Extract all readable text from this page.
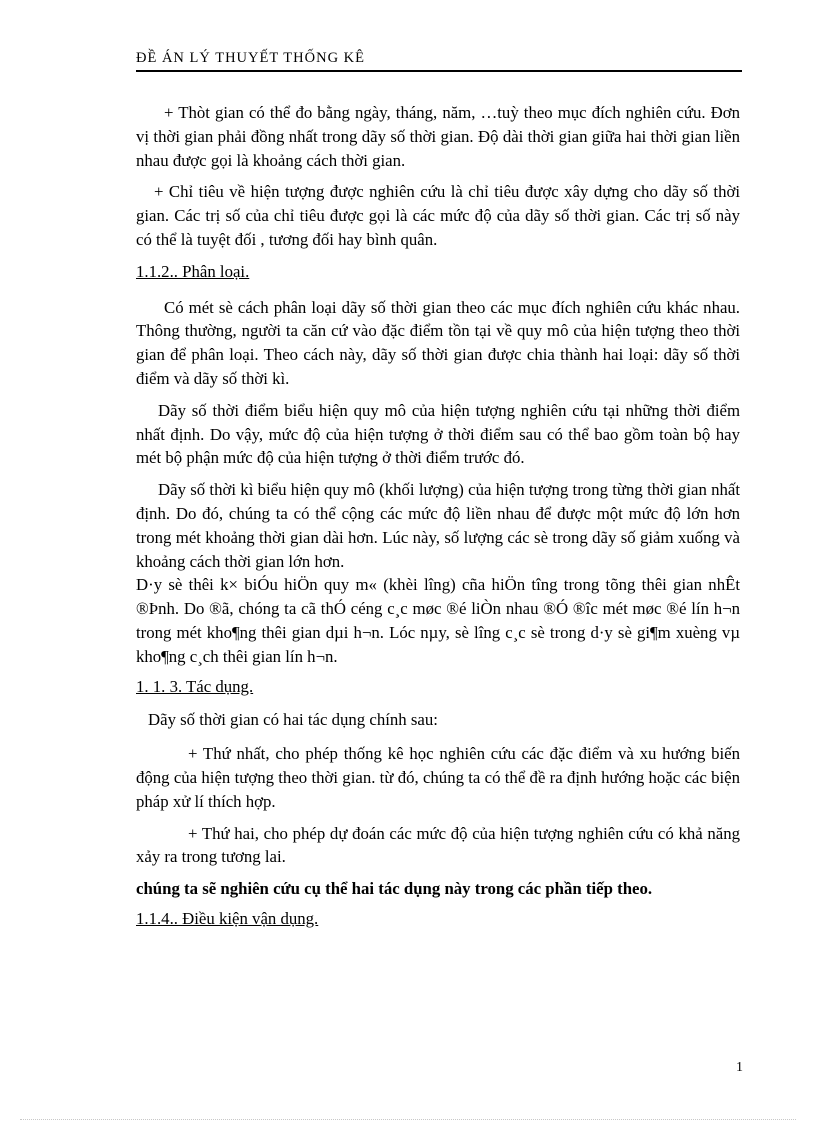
ĐỀ ÁN LÝ THUYẾT THỐNG KÊ

+ Thòt gian có thể đo bằng ngày, tháng, năm, …tuỳ theo mục đích nghiên cứu. Đơn vị thời gian phải đồng nhất trong dãy số thời gian. Độ dài thời gian giữa hai thời gian liền nhau được gọi là khoảng cách thời gian.

+ Chỉ tiêu về hiện tượng được nghiên cứu là chỉ tiêu được xây dựng cho dãy số thời gian. Các trị số của chỉ tiêu được gọi là các mức độ của dãy số thời gian. Các trị số này có thể là tuyệt đối , tương đối hay bình quân.

1.1.2.. Phân loại.

Có mét sè cách phân loại dãy số thời gian theo các mục đích nghiên cứu khác nhau. Thông thường, người ta căn cứ vào đặc điểm tồn tại về quy mô của hiện tượng theo thời gian để phân loại. Theo cách này, dãy số thời gian được chia thành hai loại: dãy số thời điểm và dãy số thời kì.

Dãy số thời điểm biểu hiện quy mô của hiện tượng nghiên cứu tại những thời điểm nhất định. Do vậy, mức độ của hiện tượng ở thời điểm sau có thể bao gồm toàn bộ hay mét bộ phận mức độ của hiện tượng ở thời điểm trước đó.

Dãy số thời kì biểu hiện quy mô (khối lượng) của hiện tượng trong từng thời gian nhất định. Do đó, chúng ta có thể cộng các mức độ liền nhau để được một mức độ lớn hơn trong mét khoảng thời gian dài hơn. Lúc này, số lượng các sè trong dãy số giảm xuống và khoảng cách thời gian lớn hơn.

D·y sè thêi k× biÓu hiÖn quy m« (khèi lîng) cña hiÖn tîng trong tõng thêi gian nhÊt ®Þnh. Do ®ã, chóng ta cã thÓ céng c¸c møc ®é liÒn nhau ®Ó ®îc mét møc ®é lín h¬n trong mét kho¶ng thêi gian dµi h¬n. Lóc nµy, sè lîng c¸c sè trong d·y sè gi¶m xuèng vµ kho¶ng c¸ch thêi gian lín h¬n.

1. 1. 3. Tác dụng.

Dãy số thời gian có hai tác dụng chính sau:

+ Thứ nhất, cho phép thống kê học nghiên cứu các đặc điểm và xu hướng biến động của hiện tượng theo thời gian. từ đó, chúng ta có thể đề ra định hướng hoặc các biện pháp xử lí thích hợp.

+ Thứ hai, cho phép dự đoán các mức độ của hiện tượng nghiên cứu có khả năng xảy ra trong tương lai.

chúng ta sẽ nghiên cứu cụ thể hai tác dụng này trong các phần tiếp theo.

1.1.4.. Điều kiện vận dụng.

1
